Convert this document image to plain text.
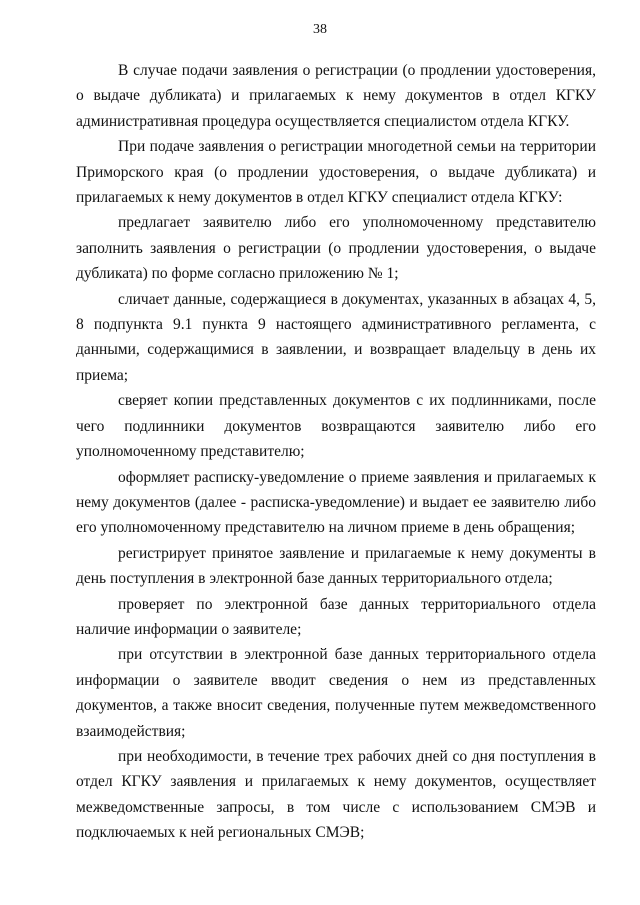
38

В случае подачи заявления о регистрации (о продлении удостоверения, о выдаче дубликата) и прилагаемых к нему документов в отдел КГКУ административная процедура осуществляется специалистом отдела КГКУ.

При подаче заявления о регистрации многодетной семьи на территории Приморского края (о продлении удостоверения, о выдаче дубликата) и прилагаемых к нему документов в отдел КГКУ специалист отдела КГКУ:

предлагает заявителю либо его уполномоченному представителю заполнить заявления о регистрации (о продлении удостоверения, о выдаче дубликата) по форме согласно приложению № 1;

сличает данные, содержащиеся в документах, указанных в абзацах 4, 5, 8 подпункта 9.1 пункта 9 настоящего административного регламента, с данными, содержащимися в заявлении, и возвращает владельцу в день их приема;

сверяет копии представленных документов с их подлинниками, после чего подлинники документов возвращаются заявителю либо его уполномоченному представителю;

оформляет расписку-уведомление о приеме заявления и прилагаемых к нему документов (далее - расписка-уведомление) и выдает ее заявителю либо его уполномоченному представителю на личном приеме в день обращения;

регистрирует принятое заявление и прилагаемые к нему документы в день поступления в электронной базе данных территориального отдела;

проверяет по электронной базе данных территориального отдела наличие информации о заявителе;

при отсутствии в электронной базе данных территориального отдела информации о заявителе вводит сведения о нем из представленных документов, а также вносит сведения, полученные путем межведомственного взаимодействия;

при необходимости, в течение трех рабочих дней со дня поступления в отдел КГКУ заявления и прилагаемых к нему документов, осуществляет межведомственные запросы, в том числе с использованием СМЭВ и подключаемых к ней региональных СМЭВ;
